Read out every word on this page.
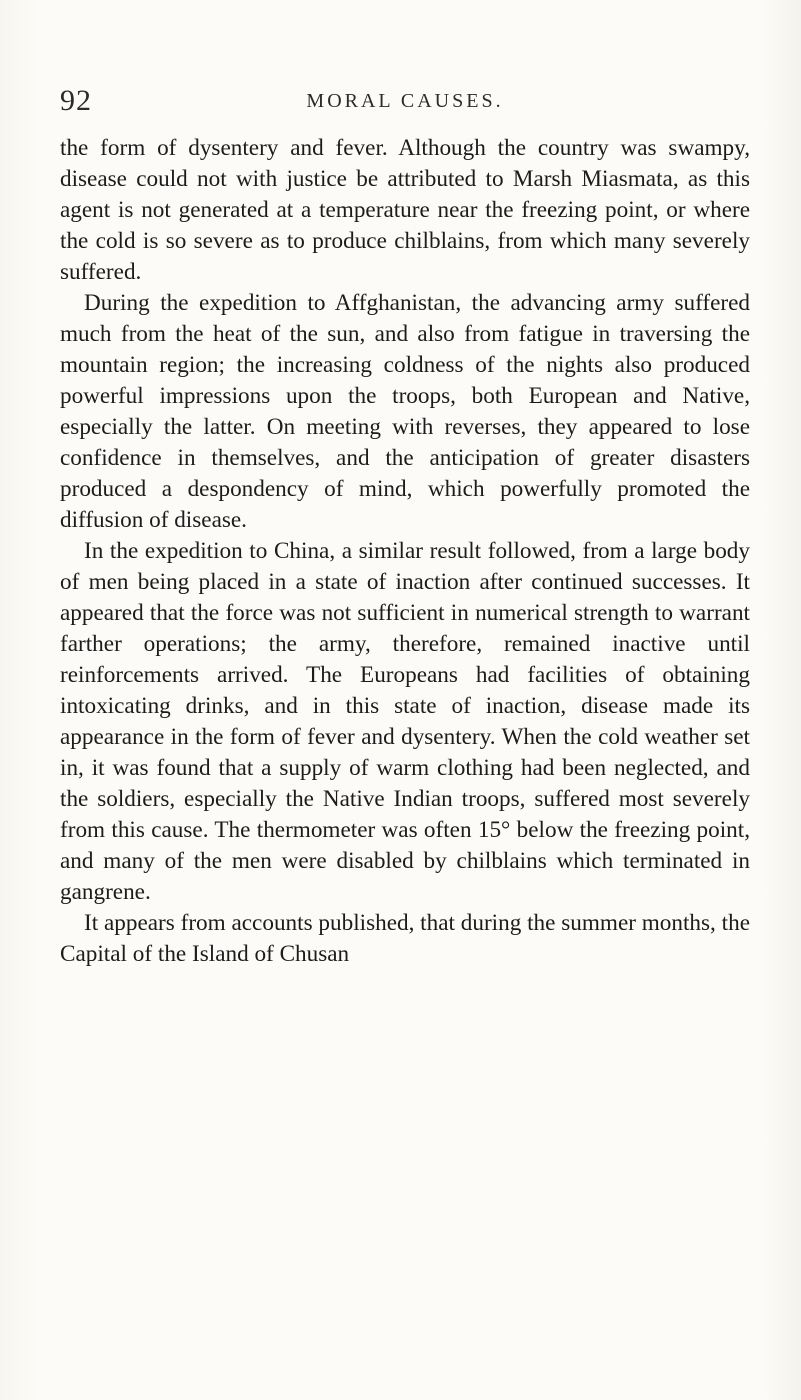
92	MORAL CAUSES.

the form of dysentery and fever. Although the country was swampy, disease could not with justice be attributed to Marsh Miasmata, as this agent is not generated at a temperature near the freezing point, or where the cold is so severe as to produce chilblains, from which many severely suffered.

During the expedition to Affghanistan, the advancing army suffered much from the heat of the sun, and also from fatigue in traversing the mountain region; the increasing coldness of the nights also produced powerful impressions upon the troops, both European and Native, especially the latter. On meeting with reverses, they appeared to lose confidence in themselves, and the anticipation of greater disasters produced a despondency of mind, which powerfully promoted the diffusion of disease.

In the expedition to China, a similar result followed, from a large body of men being placed in a state of inaction after continued successes. It appeared that the force was not sufficient in numerical strength to warrant farther operations; the army, therefore, remained inactive until reinforcements arrived. The Europeans had facilities of obtaining intoxicating drinks, and in this state of inaction, disease made its appearance in the form of fever and dysentery. When the cold weather set in, it was found that a supply of warm clothing had been neglected, and the soldiers, especially the Native Indian troops, suffered most severely from this cause. The thermometer was often 15° below the freezing point, and many of the men were disabled by chilblains which terminated in gangrene.

It appears from accounts published, that during the summer months, the Capital of the Island of Chusan
